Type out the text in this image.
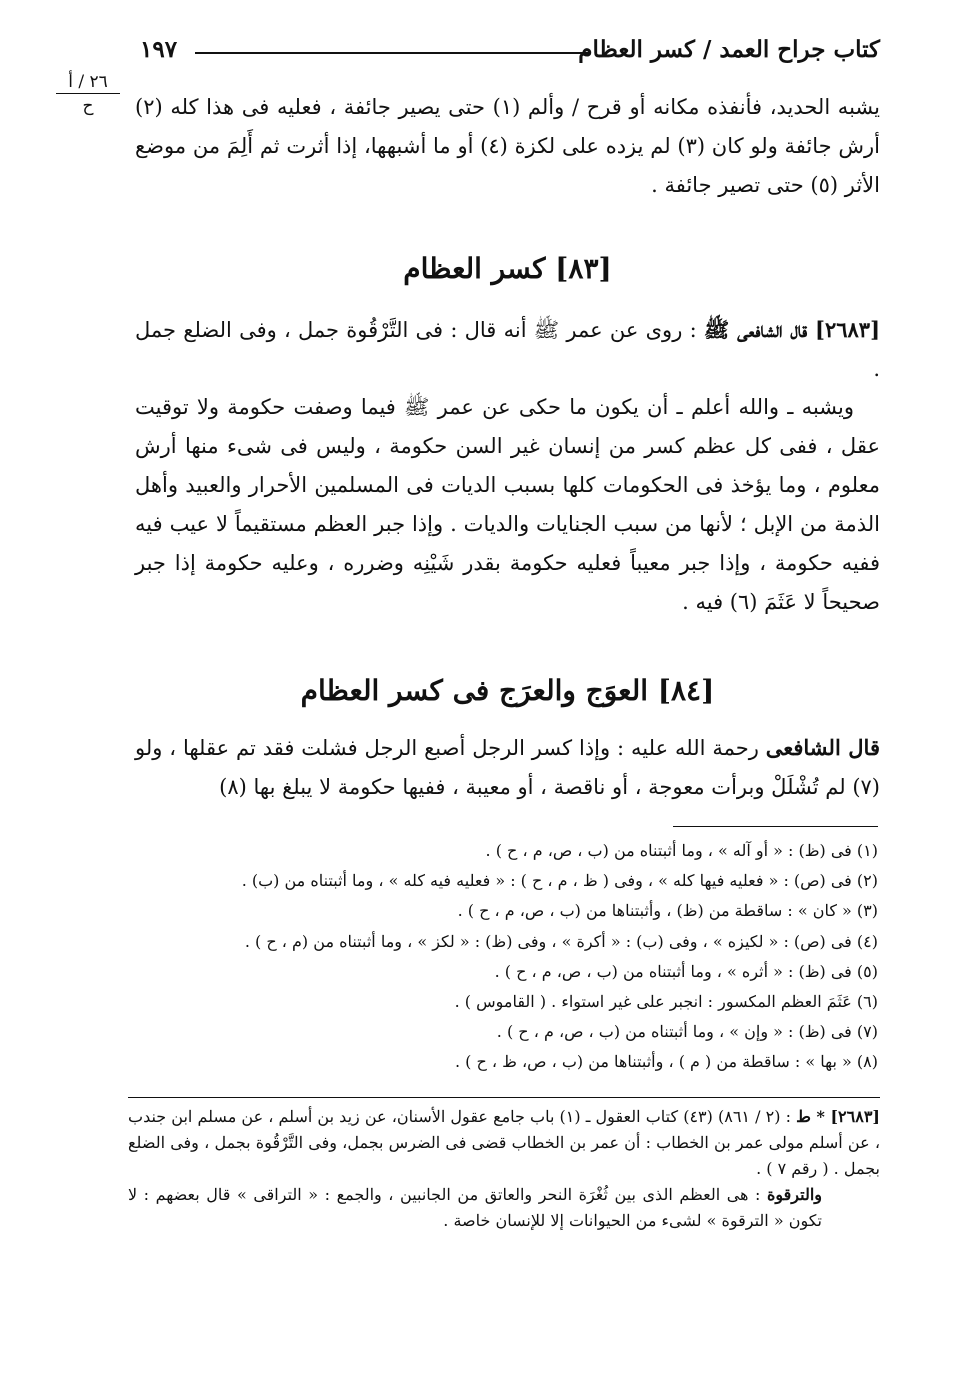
كتاب جراح العمد / كسر العظام
١٩٧
٢٦ / أ
ح	يشبه الحديد، فأنفذه مكانه أو قرح / وألم (١) حتى يصير جائفة ، فعليه فى هذا كله (٢) أرش جائفة ولو كان (٣) لم يزده على لكزة (٤) أو ما أشبهها، إذا أثرت ثم أَلِمَ من موضع الأثر (٥) حتى تصير جائفة .
[٨٣] كسر العظام
[٢٦٨٣] قال الشافعى ﷺ : روى عن عمر ﷺ أنه قال : فى التَّرْقُوة جمل ، وفى الضلع جمل .
ويشبه ـ والله أعلم ـ أن يكون ما حكى عن عمر ﷺ فيما وصفت حكومة ولا توقيت عقل ، ففى كل عظم كسر من إنسان غير السن حكومة ، وليس فى شىء منها أرش معلوم ، وما يؤخذ فى الحكومات كلها بسبب الديات فى المسلمين الأحرار والعبيد وأهل الذمة من الإبل ؛ لأنها من سبب الجنايات والديات . وإذا جبر العظم مستقيماً لا عيب فيه ففيه حكومة ، وإذا جبر معيباً فعليه حكومة بقدر شَيْنِه وضرره ، وعليه حكومة إذا جبر صحيحاً لا عَثَمَ (٦) فيه .
[٨٤] العوَج والعرَج فى كسر العظام
قال الشافعى رحمة الله عليه : وإذا كسر الرجل أصبع الرجل فشلت فقد تم عقلها ، ولو (٧) لم تُشْلَلْ وبرأت معوجة ، أو ناقصة ، أو معيبة ، ففيها حكومة لا يبلغ بها (٨)
(١) فى (ظ) : « أو آله » ، وما أثبتناه من (ب ، ص، م ، ح ) .
(٢) فى (ص) : « فعليه فيها كله » ، وفى ( ظ ، م ، ح ) : « فعليه فيه كله » ، وما أثبتناه من (ب) .
(٣) « كان » : ساقطة من (ظ) ، وأثبتناها من (ب ، ص، م ، ح ) .
(٤) فى (ص) : « لكيزه » ، وفى (ب) : « أكرة » ، وفى (ظ) : « لكز » ، وما أثبتناه من (م ، ح ) .
(٥) فى (ظ) : « أثره » ، وما أثبتناه من (ب ، ص، م ، ح ) .
(٦) عَثَمَ العظم المكسور : انجبر على غير استواء . ( القاموس ) .
(٧) فى (ظ) : « وإن » ، وما أثبتناه من (ب ، ص، م ، ح ) .
(٨) « بها » : ساقطة من ( م ) ، وأثبتناها من (ب ، ص، ظ ، ح ) .
[٢٦٨٣] * ط : (٢ / ٨٦١) (٤٣) كتاب العقول ـ (١) باب جامع عقول الأسنان، عن زيد بن أسلم ، عن مسلم ابن جندب ، عن أسلم مولى عمر بن الخطاب : أن عمر بن الخطاب قضى فى الضرس بجمل، وفى التَّرْقُوة بجمل ، وفى الضلع بجمل . ( رقم ٧ ) .
والترقوة : هى العظم الذى بين ثُغْرَة النحر والعاتق من الجانبين ، والجمع : « التراقى » قال بعضهم : لا تكون « الترقوة » لشىء من الحيوانات إلا للإنسان خاصة .
